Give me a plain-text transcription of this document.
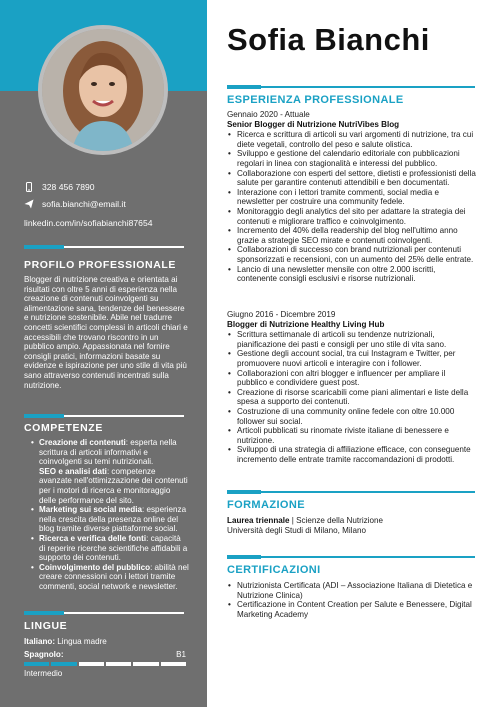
328 456 7890
sofia.bianchi@email.it
linkedin.com/in/sofiabianchi87654
PROFILO PROFESSIONALE

Blogger di nutrizione creativa e orientata ai risultati con oltre 5 anni di esperienza nella creazione di contenuti coinvolgenti su alimentazione sana, tendenze del benessere e nutrizione sostenibile. Abile nel tradurre concetti scientifici complessi in articoli chiari e accessibili che trovano riscontro in un pubblico ampio. Appassionata nel fornire consigli pratici, informazioni basate su evidenze e ispirazione per uno stile di vita più sano attraverso contenuti incentrati sulla nutrizione.

COMPETENZE
• Creazione di contenuti: esperta nella scrittura di articoli informativi e coinvolgenti su temi nutrizionali.
SEO e analisi dati: competenze avanzate nell'ottimizzazione dei contenuti per i motori di ricerca e monitoraggio delle performance del sito.
• Marketing sui social media: esperienza nella crescita della presenza online del blog tramite diverse piattaforme social.
• Ricerca e verifica delle fonti: capacità di reperire ricerche scientifiche affidabili a supporto dei contenuti.
• Coinvolgimento del pubblico: abilità nel creare connessioni con i lettori tramite commenti, social network e newsletter.
LINGUE
Italiano: Lingua madre
Spagnolo:	B1
Intermedio
Sofia Bianchi
ESPERIENZA PROFESSIONALE
Gennaio 2020 - Attuale
Senior Blogger di Nutrizione NutriVibes Blog
• Ricerca e scrittura di articoli su vari argomenti di nutrizione, tra cui diete vegetali, controllo del peso e salute olistica.
• Sviluppo e gestione del calendario editoriale con pubblicazioni regolari in linea con stagionalità e interessi del pubblico.
• Collaborazione con esperti del settore, dietisti e professionisti della salute per garantire contenuti attendibili e ben documentati.
• Interazione con i lettori tramite commenti, social media e newsletter per costruire una community fedele.
• Monitoraggio degli analytics del sito per adattare la strategia dei contenuti e migliorare traffico e coinvolgimento.
• Incremento del 40% della readership del blog nell'ultimo anno grazie a strategie SEO mirate e contenuti coinvolgenti.
• Collaborazioni di successo con brand nutrizionali per contenuti sponsorizzati e recensioni, con un aumento del 25% delle entrate.
• Lancio di una newsletter mensile con oltre 2.000 iscritti, contenente consigli esclusivi e risorse nutrizionali.
Giugno 2016 - Dicembre 2019
Blogger di Nutrizione Healthy Living Hub
• Scrittura settimanale di articoli su tendenze nutrizionali, pianificazione dei pasti e consigli per uno stile di vita sano.
• Gestione degli account social, tra cui Instagram e Twitter, per promuovere nuovi articoli e interagire con i follower.
• Collaborazioni con altri blogger e influencer per ampliare il pubblico e condividere guest post.
• Creazione di risorse scaricabili come piani alimentari e liste della spesa a supporto dei contenuti.
• Costruzione di una community online fedele con oltre 10.000 follower sui social.
• Articoli pubblicati su rinomate riviste italiane di benessere e nutrizione.
• Sviluppo di una strategia di affiliazione efficace, con conseguente incremento delle entrate tramite raccomandazioni di prodotti.
FORMAZIONE
Laurea triennale | Scienze della Nutrizione
Università degli Studi di Milano, Milano
CERTIFICAZIONI
• Nutrizionista Certificata (ADI – Associazione Italiana di Dietetica e Nutrizione Clinica)
• Certificazione in Content Creation per Salute e Benessere, Digital Marketing Academy
